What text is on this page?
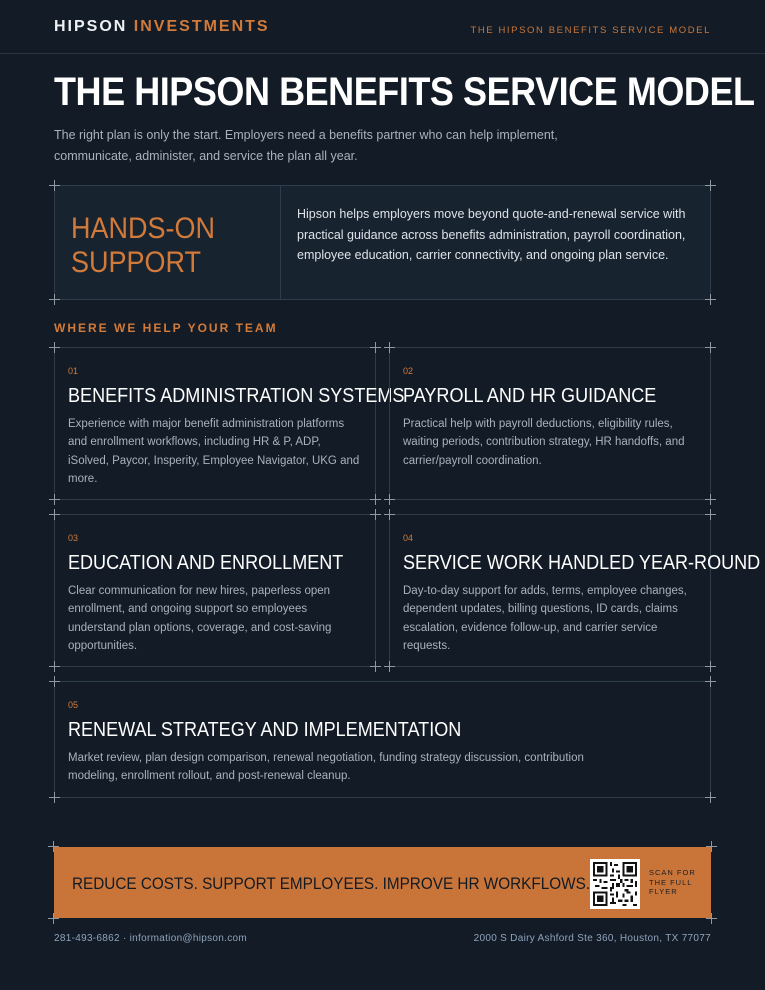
HIPSON INVESTMENTS	THE HIPSON BENEFITS SERVICE MODEL
THE HIPSON BENEFITS SERVICE MODEL

The right plan is only the start. Employers need a benefits partner who can help implement, communicate, administer, and service the plan all year.

HANDS-ON
SUPPORT

Hipson helps employers move beyond quote-and-renewal service with practical guidance across benefits administration, payroll coordination, employee education, carrier connectivity, and ongoing plan service.

WHERE WE HELP YOUR TEAM
01
BENEFITS ADMINISTRATION SYSTEMS

Experience with major benefit administration platforms and enrollment workflows, including HR & P, ADP, iSolved, Paycor, Insperity, Employee Navigator, UKG and more.

02
PAYROLL AND HR GUIDANCE

Practical help with payroll deductions, eligibility rules, waiting periods, contribution strategy, HR handoffs, and carrier/payroll coordination.

03
EDUCATION AND ENROLLMENT

Clear communication for new hires, paperless open enrollment, and ongoing support so employees understand plan options, coverage, and cost-saving opportunities.

04
SERVICE WORK HANDLED YEAR-ROUND

Day-to-day support for adds, terms, employee changes, dependent updates, billing questions, ID cards, claims escalation, evidence follow-up, and carrier service requests.

05
RENEWAL STRATEGY AND IMPLEMENTATION

Market review, plan design comparison, renewal negotiation, funding strategy discussion, contribution modeling, enrollment rollout, and post-renewal cleanup.

REDUCE COSTS. SUPPORT EMPLOYEES. IMPROVE HR WORKFLOWS.
SCAN FOR
THE FULL
FLYER
281-493-6862 · information@hipson.com	2000 S Dairy Ashford Ste 360, Houston, TX 77077
